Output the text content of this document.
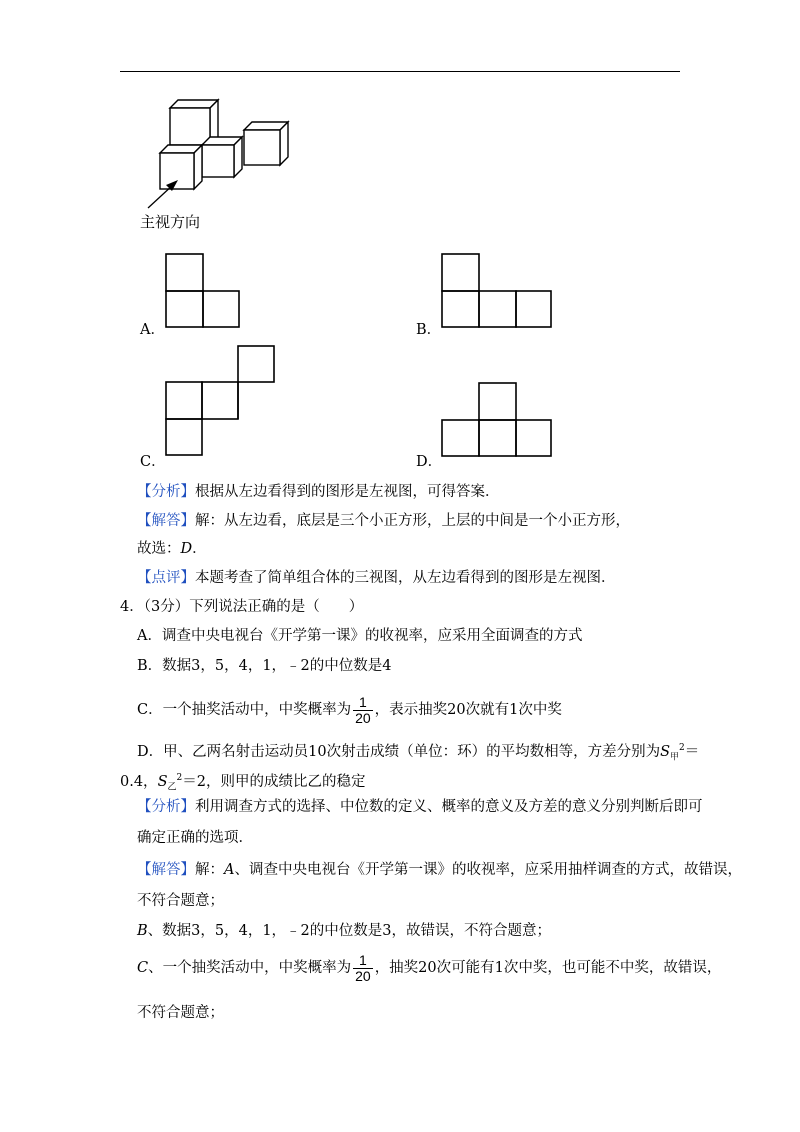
主视方向
A．	B．
C．	D．
【分析】根据从左边看得到的图形是左视图，可得答案．
【解答】解：从左边看，底层是三个小正方形，上层的中间是一个小正方形，
故选：D．
【点评】本题考查了简单组合体的三视图，从左边看得到的图形是左视图．
4．（3分）下列说法正确的是（　　）
A．调查中央电视台《开学第一课》的收视率，应采用全面调查的方式
B．数据3，5，4，1，﹣2的中位数是4
C．一个抽奖活动中，中奖概率为 $\frac{1}{20}$ ，表示抽奖20次就有1次中奖
D．甲、乙两名射击运动员10次射击成绩（单位：环）的平均数相等，方差分别为$S_甲^2=$
0.4，$S_乙^2=2$，则甲的成绩比乙的稳定
【分析】利用调查方式的选择、中位数的定义、概率的意义及方差的意义分别判断后即可
确定正确的选项．
【解答】解：A、调查中央电视台《开学第一课》的收视率，应采用抽样调查的方式，故错误，
不符合题意；
B、数据3，5，4，1，﹣2的中位数是3，故错误，不符合题意；
C、一个抽奖活动中，中奖概率为 $\frac{1}{20}$ ，抽奖20次可能有1次中奖，也可能不中奖，故错误，
不符合题意；
